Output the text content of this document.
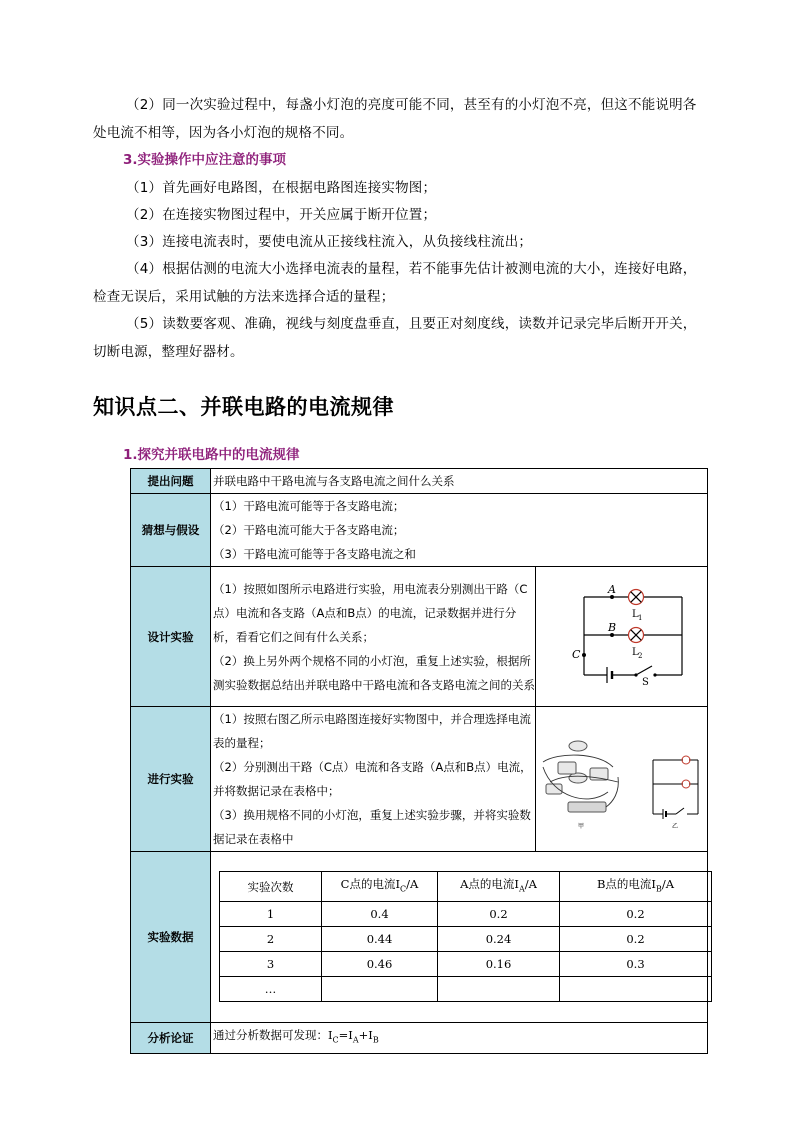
（2）同一次实验过程中，每盏小灯泡的亮度可能不同，甚至有的小灯泡不亮，但这不能说明各处电流不相等，因为各小灯泡的规格不同。
3.实验操作中应注意的事项
（1）首先画好电路图，在根据电路图连接实物图；
（2）在连接实物图过程中，开关应属于断开位置；
（3）连接电流表时，要使电流从正接线柱流入，从负接线柱流出；
（4）根据估测的电流大小选择电流表的量程，若不能事先估计被测电流的大小，连接好电路，检查无误后，采用试触的方法来选择合适的量程；
（5）读数要客观、准确，视线与刻度盘垂直，且要正对刻度线，读数并记录完毕后断开开关，切断电源，整理好器材。
知识点二、并联电路的电流规律
1.探究并联电路中的电流规律
提出问题	并联电路中干路电流与各支路电流之间什么关系

猜想与假设	
（1）干路电流可能等于各支路电流；
（2）干路电流可能大于各支路电流；
（3）干路电流可能等于各支路电流之和

设计实验	
（1）按照如图所示电路进行实验，用电流表分别测出干路（C点）电流和各支路（A点和B点）的电流，记录数据并进行分析，看看它们之间有什么关系；
（2）换上另外两个规格不同的小灯泡，重复上述实验，根据所测实验数据总结出并联电路中干路电流和各支路电流之间的关系

A
B
C
L 1
L 2
S

进行实验	
（1）按照右图乙所示电路图连接好实物图中，并合理选择电流表的量程；
（2）分别测出干路（C点）电流和各支路（A点和B点）电流，并将数据记录在表格中；
（3）换用规格不同的小灯泡，重复上述实验步骤，并将实验数据记录在表格中

甲	乙

实验数据	
实验次数	C点的电流$I_C/A$	A点的电流$I_A/A$	B点的电流$I_B/A$
1	0.4	0.2	0.2
2	0.44	0.24	0.2
3	0.46	0.16	0.3
…			

分析论证	通过分析数据可发现：$I_C=I_A+I_B$
